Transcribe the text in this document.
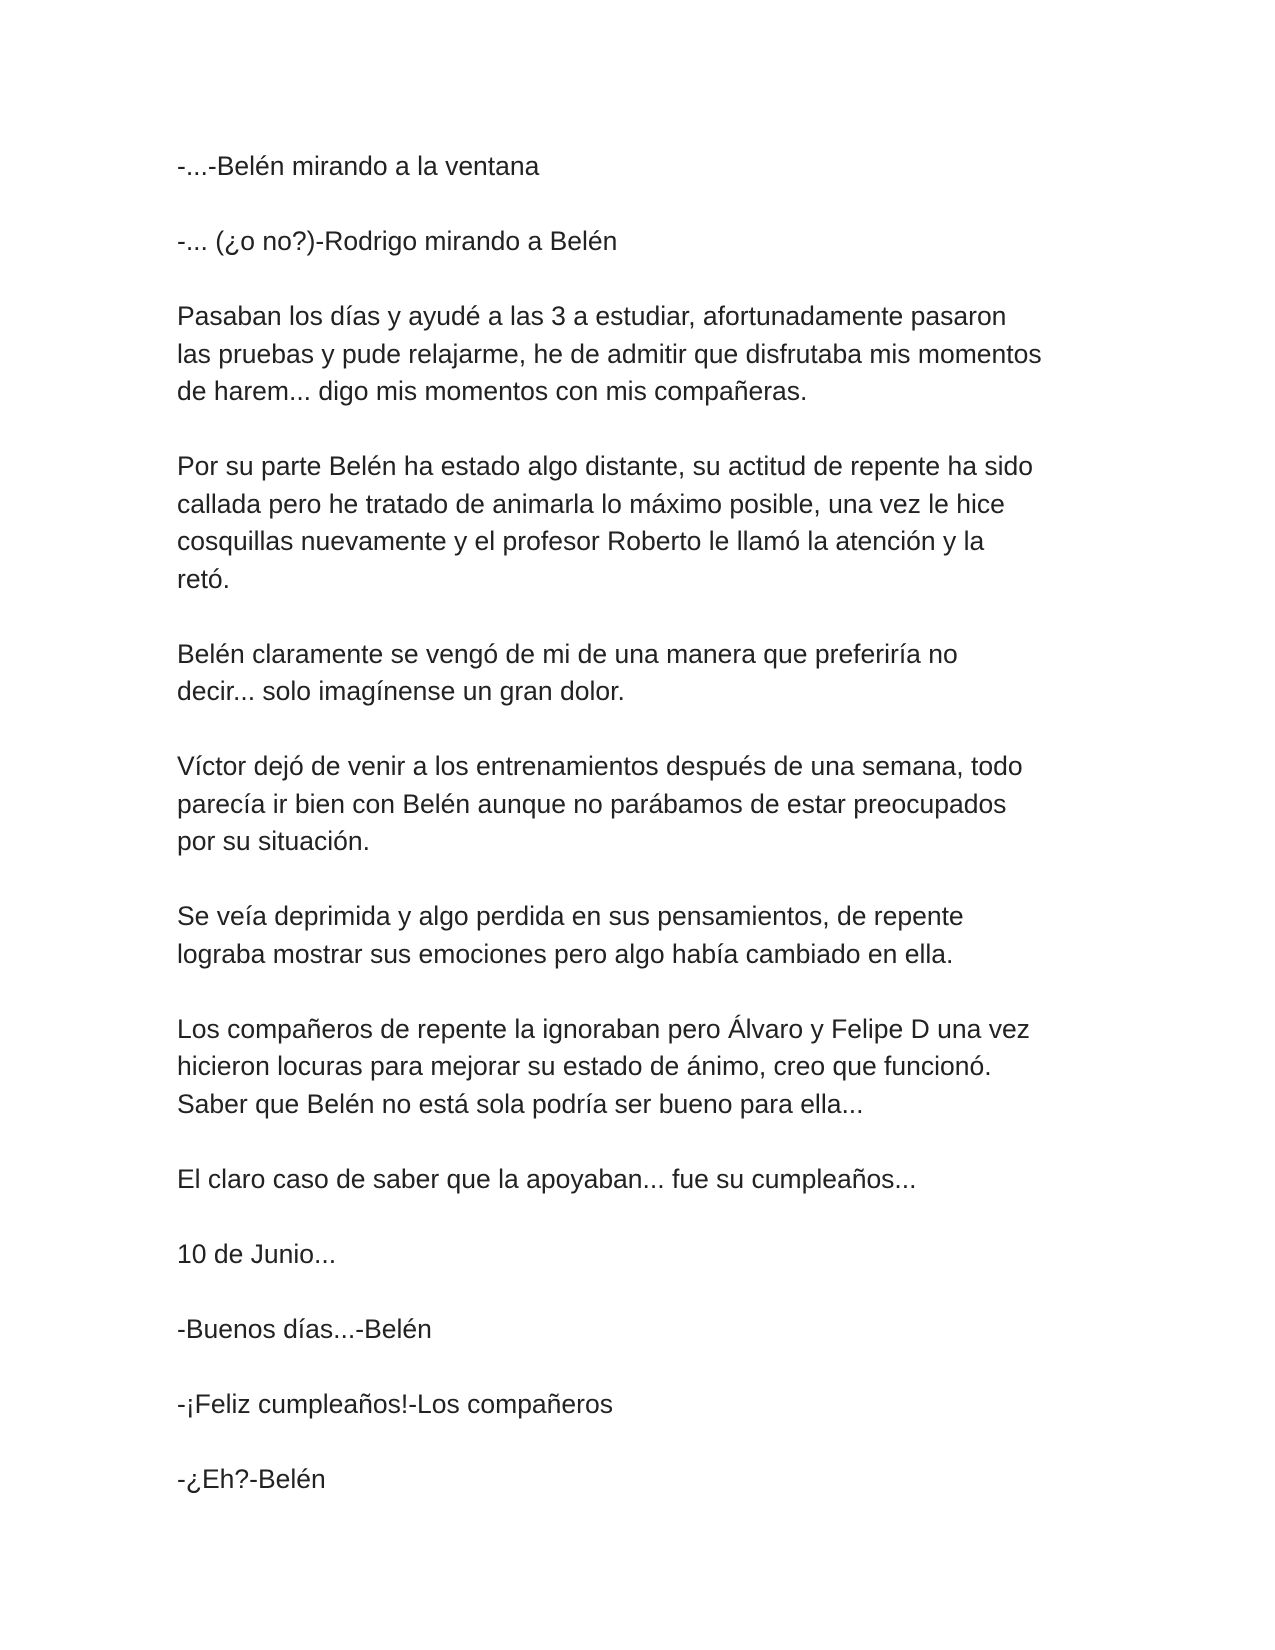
-...-Belén mirando a la ventana

-... (¿o no?)-Rodrigo mirando a Belén

Pasaban los días y ayudé a las 3 a estudiar, afortunadamente pasaron
las pruebas y pude relajarme, he de admitir que disfrutaba mis momentos
de harem... digo mis momentos con mis compañeras.

Por su parte Belén ha estado algo distante, su actitud de repente ha sido
callada pero he tratado de animarla lo máximo posible, una vez le hice
cosquillas nuevamente y el profesor Roberto le llamó la atención y la
retó.

Belén claramente se vengó de mi de una manera que preferiría no
decir... solo imagínense un gran dolor.

Víctor dejó de venir a los entrenamientos después de una semana, todo
parecía ir bien con Belén aunque no parábamos de estar preocupados
por su situación.

Se veía deprimida y algo perdida en sus pensamientos, de repente
lograba mostrar sus emociones pero algo había cambiado en ella.

Los compañeros de repente la ignoraban pero Álvaro y Felipe D una vez
hicieron locuras para mejorar su estado de ánimo, creo que funcionó.
Saber que Belén no está sola podría ser bueno para ella...

El claro caso de saber que la apoyaban... fue su cumpleaños...

10 de Junio...

-Buenos días...-Belén

-¡Feliz cumpleaños!-Los compañeros

-¿Eh?-Belén
